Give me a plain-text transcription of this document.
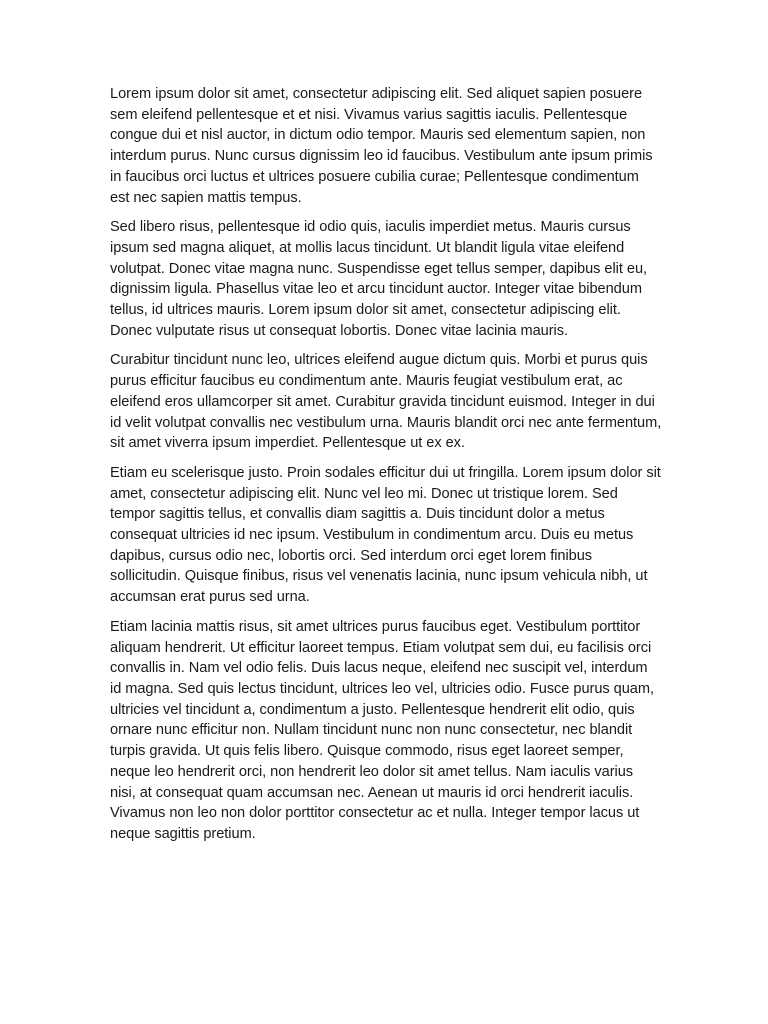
Lorem ipsum dolor sit amet, consectetur adipiscing elit. Sed aliquet sapien posuere sem eleifend pellentesque et et nisi. Vivamus varius sagittis iaculis. Pellentesque congue dui et nisl auctor, in dictum odio tempor. Mauris sed elementum sapien, non interdum purus. Nunc cursus dignissim leo id faucibus. Vestibulum ante ipsum primis in faucibus orci luctus et ultrices posuere cubilia curae; Pellentesque condimentum est nec sapien mattis tempus.

Sed libero risus, pellentesque id odio quis, iaculis imperdiet metus. Mauris cursus ipsum sed magna aliquet, at mollis lacus tincidunt. Ut blandit ligula vitae eleifend volutpat. Donec vitae magna nunc. Suspendisse eget tellus semper, dapibus elit eu, dignissim ligula. Phasellus vitae leo et arcu tincidunt auctor. Integer vitae bibendum tellus, id ultrices mauris. Lorem ipsum dolor sit amet, consectetur adipiscing elit. Donec vulputate risus ut consequat lobortis. Donec vitae lacinia mauris.

Curabitur tincidunt nunc leo, ultrices eleifend augue dictum quis. Morbi et purus quis purus efficitur faucibus eu condimentum ante. Mauris feugiat vestibulum erat, ac eleifend eros ullamcorper sit amet. Curabitur gravida tincidunt euismod. Integer in dui id velit volutpat convallis nec vestibulum urna. Mauris blandit orci nec ante fermentum, sit amet viverra ipsum imperdiet. Pellentesque ut ex ex.

Etiam eu scelerisque justo. Proin sodales efficitur dui ut fringilla. Lorem ipsum dolor sit amet, consectetur adipiscing elit. Nunc vel leo mi. Donec ut tristique lorem. Sed tempor sagittis tellus, et convallis diam sagittis a. Duis tincidunt dolor a metus consequat ultricies id nec ipsum. Vestibulum in condimentum arcu. Duis eu metus dapibus, cursus odio nec, lobortis orci. Sed interdum orci eget lorem finibus sollicitudin. Quisque finibus, risus vel venenatis lacinia, nunc ipsum vehicula nibh, ut accumsan erat purus sed urna.

Etiam lacinia mattis risus, sit amet ultrices purus faucibus eget. Vestibulum porttitor aliquam hendrerit. Ut efficitur laoreet tempus. Etiam volutpat sem dui, eu facilisis orci convallis in. Nam vel odio felis. Duis lacus neque, eleifend nec suscipit vel, interdum id magna. Sed quis lectus tincidunt, ultrices leo vel, ultricies odio. Fusce purus quam, ultricies vel tincidunt a, condimentum a justo. Pellentesque hendrerit elit odio, quis ornare nunc efficitur non. Nullam tincidunt nunc non nunc consectetur, nec blandit turpis gravida. Ut quis felis libero. Quisque commodo, risus eget laoreet semper, neque leo hendrerit orci, non hendrerit leo dolor sit amet tellus. Nam iaculis varius nisi, at consequat quam accumsan nec. Aenean ut mauris id orci hendrerit iaculis. Vivamus non leo non dolor porttitor consectetur ac et nulla. Integer tempor lacus ut neque sagittis pretium.
